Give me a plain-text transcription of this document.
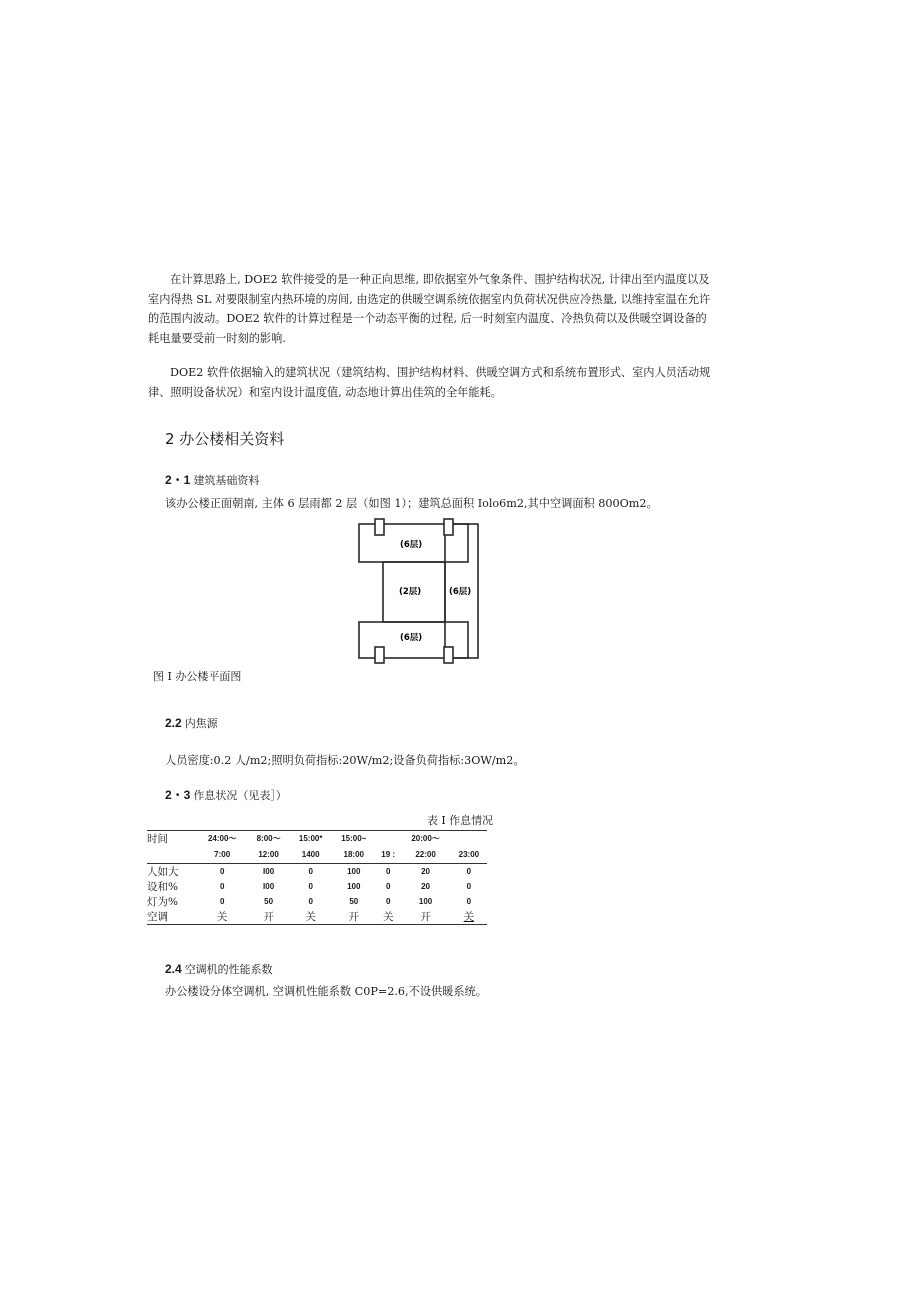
在计算思路上, DOE2 软件接受的是一种正向思维, 即依据室外气象条件、围护结构状况, 计律出至内温度以及
室内得热 SL 对要限制室内热环境的房间, 由选定的供暖空调系统依据室内负荷状况供应冷热量, 以维持室温在允许
的范围内波动。DOE2 软件的计算过程是一个动态平衡的过程, 后一时刻室内温度、冷热负荷以及供暖空调设备的
耗电量要受前一时刻的影响.
DOE2 软件依据输入的建筑状况（建筑结构、围护结构材料、供暖空调方式和系统布置形式、室内人员活动规
律、照明设备状况）和室内设计温度值, 动态地计算出佳筑的全年能耗。
2 办公楼相关资料
2・1 建筑基础资料
该办公楼正面朝南, 主体 6 层雨都 2 层（如图 1）；建筑总面积 Iolo6m2,其中空调面积 800Om2。
(6层)
(2层)	(6层)
(6层)
图 I 办公楼平面图
2.2 内焦源
人员密度:0.2 人/m2;照明负荷指标:20W/m2;设备负荷指标:3OW/m2。
2・3 作息状况（见表］）
表 I 作息情况
时间	24:00～	8:00～	15:00*	15:00~		20:00～	
	7:00	12:00	1400	18:00	19 :	22:00	23:00
人如大	0	I00	0	100	0	20	0
设和%	0	I00	0	100	0	20	0
灯为%	0	50	0	50	0	100	0
空调	关	开	关	开	关	开	关
2.4 空调机的性能系数
办公楼设分体空调机, 空调机性能系数 C0P=2.6,不设供暖系统。
